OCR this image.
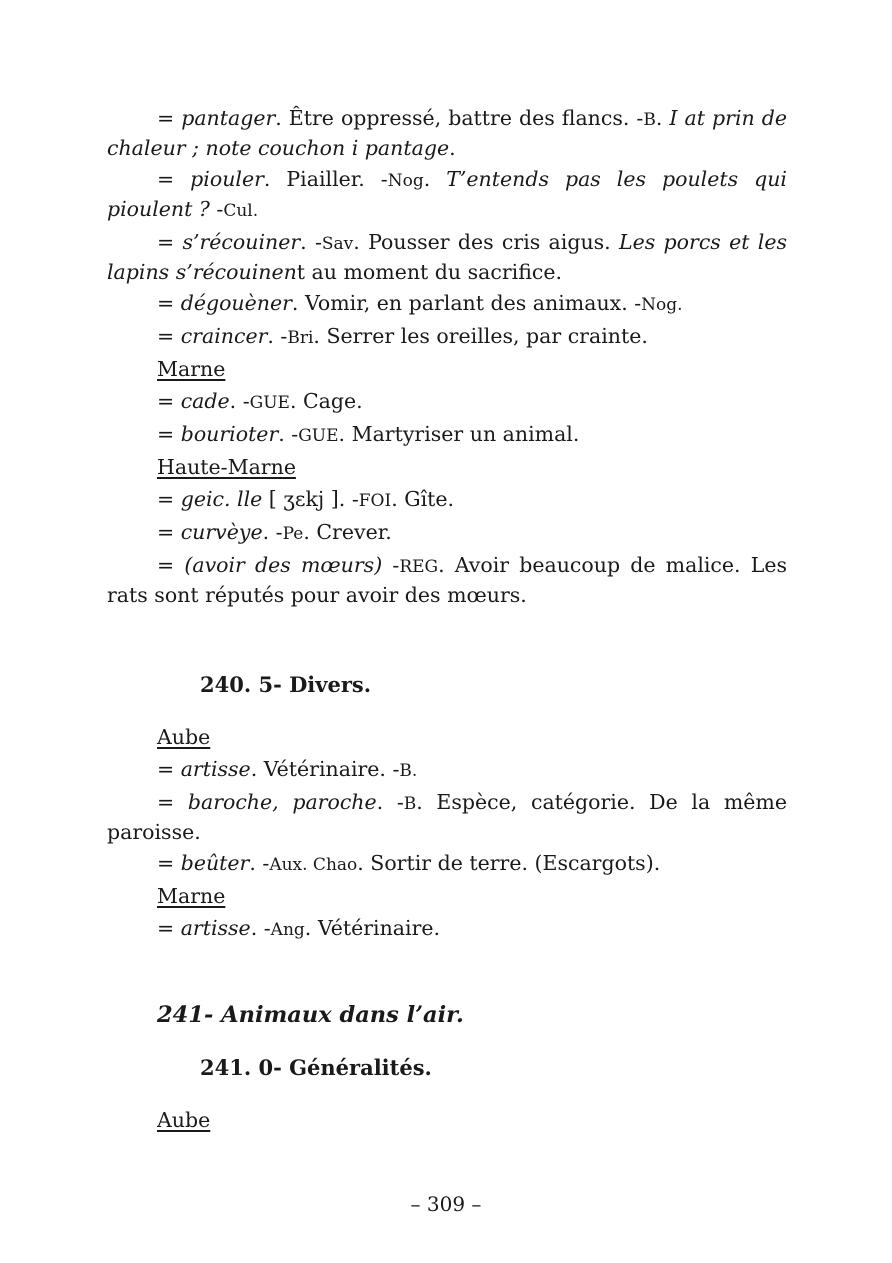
= pantager. Être oppressé, battre des flancs. -B. I at prin de chaleur ; note couchon i pantage.

= piouler. Piailler. -Nog. T’entends pas les poulets qui pioulent ? -Cul.

= s’récouiner. -Sav. Pousser des cris aigus. Les porcs et les lapins s’récouinent au moment du sacrifice.

= dégouèner. Vomir, en parlant des animaux. -Nog.

= craincer. -Bri. Serrer les oreilles, par crainte.

Marne

= cade. -GUE. Cage.

= bourioter. -GUE. Martyriser un animal.

Haute-Marne

= geic. lle [ ʒɛkj ]. -FOI. Gîte.

= curvèye. -Pe. Crever.

= (avoir des mœurs) -REG. Avoir beaucoup de malice. Les rats sont réputés pour avoir des mœurs.

240. 5- Divers.
Aube

= artisse. Vétérinaire. -B.

= baroche, paroche. -B. Espèce, catégorie. De la même paroisse.

= beûter. -Aux. Chao. Sortir de terre. (Escargots).

Marne

= artisse. -Ang. Vétérinaire.

241- Animaux dans l’air.
241. 0- Généralités.
Aube
– 309 –
